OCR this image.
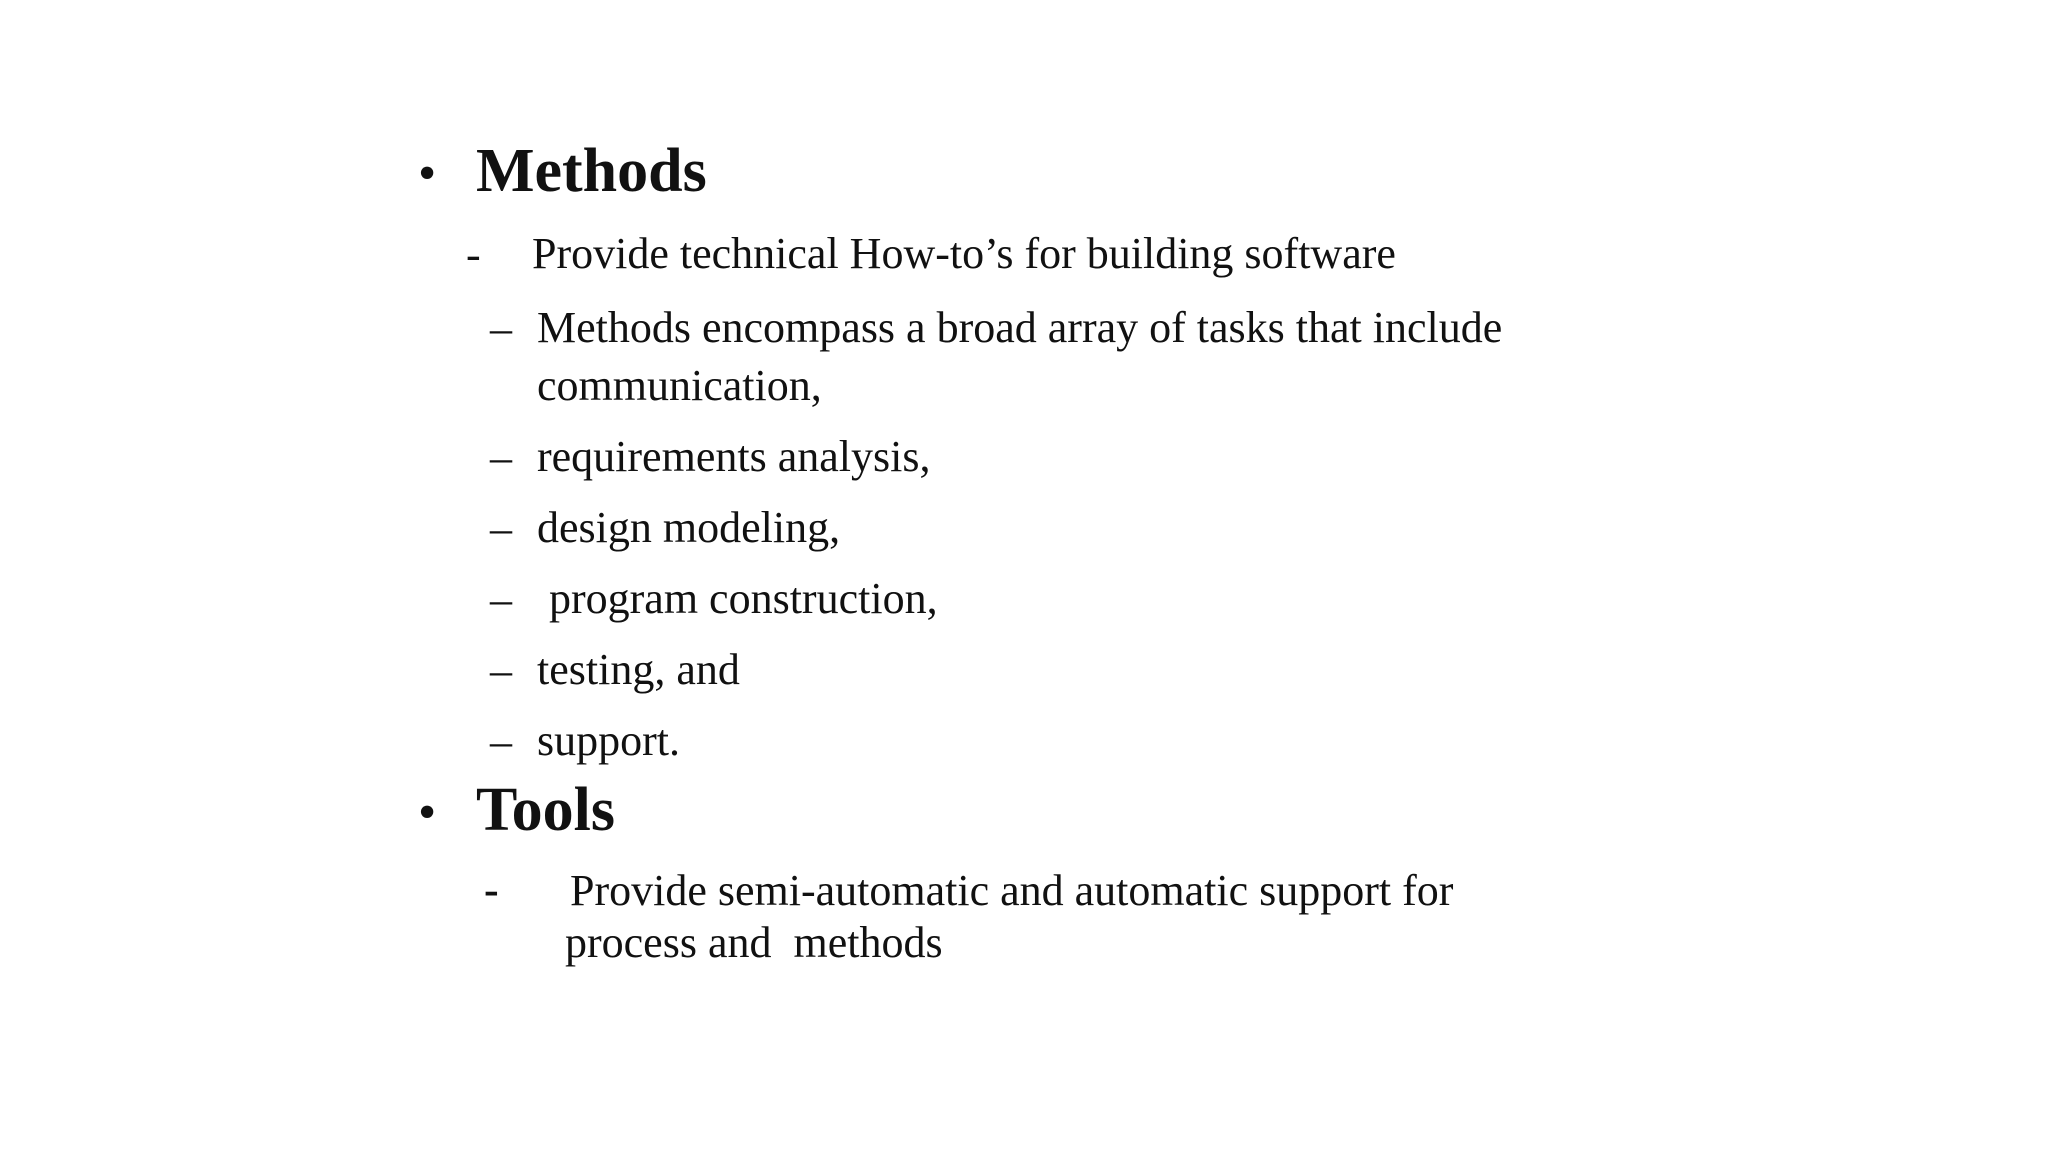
• Methods
- Provide technical How-to’s for building software
– Methods encompass a broad array of tasks that include
communication,
– requirements analysis,
– design modeling,
– program construction,
– testing, and
– support.
• Tools
- Provide semi-automatic and automatic support for
process and  methods
